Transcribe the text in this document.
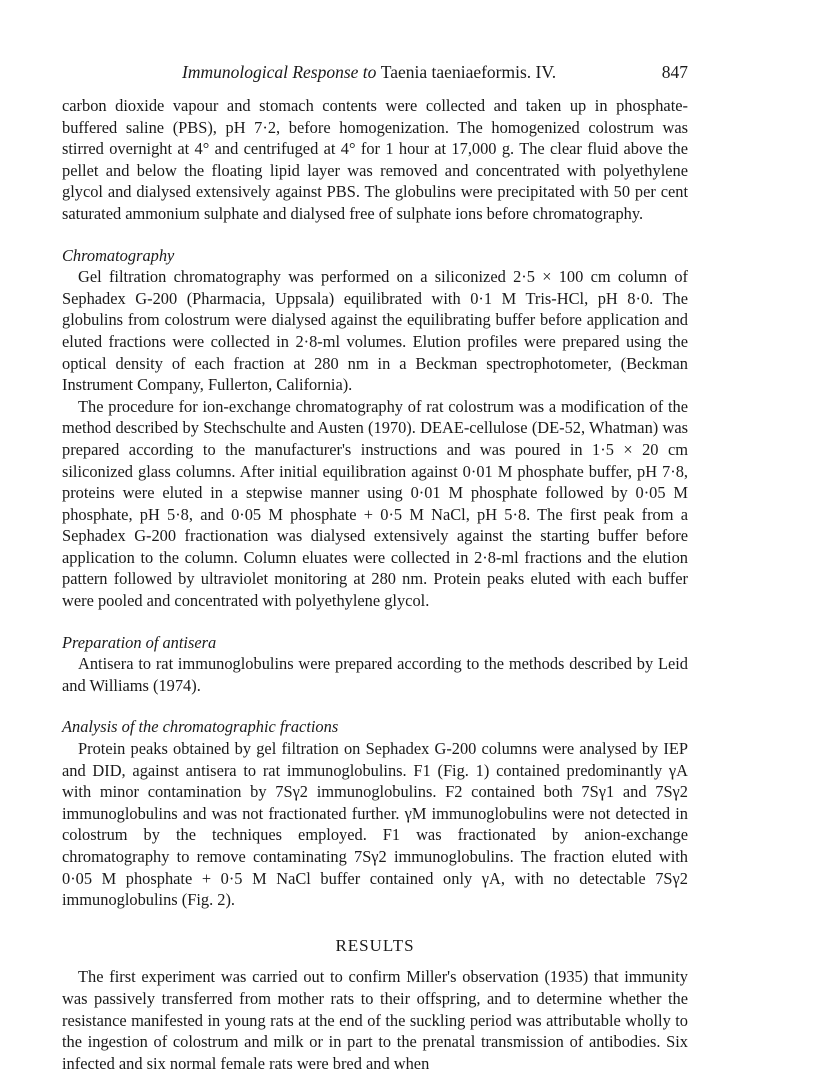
Immunological Response to Taenia taeniaeformis. IV.	847

carbon dioxide vapour and stomach contents were collected and taken up in phosphate-buffered saline (PBS), pH 7·2, before homogenization. The homogenized colostrum was stirred overnight at 4° and centrifuged at 4° for 1 hour at 17,000 g. The clear fluid above the pellet and below the floating lipid layer was removed and concentrated with polyethylene glycol and dialysed extensively against PBS. The globulins were precipitated with 50 per cent saturated ammonium sulphate and dialysed free of sulphate ions before chromatography.

Chromatography

Gel filtration chromatography was performed on a siliconized 2·5 × 100 cm column of Sephadex G-200 (Pharmacia, Uppsala) equilibrated with 0·1 M Tris-HCl, pH 8·0. The globulins from colostrum were dialysed against the equilibrating buffer before application and eluted fractions were collected in 2·8-ml volumes. Elution profiles were prepared using the optical density of each fraction at 280 nm in a Beckman spectrophotometer, (Beckman Instrument Company, Fullerton, California).

The procedure for ion-exchange chromatography of rat colostrum was a modification of the method described by Stechschulte and Austen (1970). DEAE-cellulose (DE-52, Whatman) was prepared according to the manufacturer's instructions and was poured in 1·5 × 20 cm siliconized glass columns. After initial equilibration against 0·01 M phosphate buffer, pH 7·8, proteins were eluted in a stepwise manner using 0·01 M phosphate followed by 0·05 M phosphate, pH 5·8, and 0·05 M phosphate + 0·5 M NaCl, pH 5·8. The first peak from a Sephadex G-200 fractionation was dialysed extensively against the starting buffer before application to the column. Column eluates were collected in 2·8-ml fractions and the elution pattern followed by ultraviolet monitoring at 280 nm. Protein peaks eluted with each buffer were pooled and concentrated with polyethylene glycol.

Preparation of antisera

Antisera to rat immunoglobulins were prepared according to the methods described by Leid and Williams (1974).

Analysis of the chromatographic fractions

Protein peaks obtained by gel filtration on Sephadex G-200 columns were analysed by IEP and DID, against antisera to rat immunoglobulins. F1 (Fig. 1) contained predominantly γA with minor contamination by 7Sγ2 immunoglobulins. F2 contained both 7Sγ1 and 7Sγ2 immunoglobulins and was not fractionated further. γM immunoglobulins were not detected in colostrum by the techniques employed. F1 was fractionated by anion-exchange chromatography to remove contaminating 7Sγ2 immunoglobulins. The fraction eluted with 0·05 M phosphate + 0·5 M NaCl buffer contained only γA, with no detectable 7Sγ2 immunoglobulins (Fig. 2).

RESULTS

The first experiment was carried out to confirm Miller's observation (1935) that immunity was passively transferred from mother rats to their offspring, and to determine whether the resistance manifested in young rats at the end of the suckling period was attributable wholly to the ingestion of colostrum and milk or in part to the prenatal transmission of antibodies. Six infected and six normal female rats were bred and when
